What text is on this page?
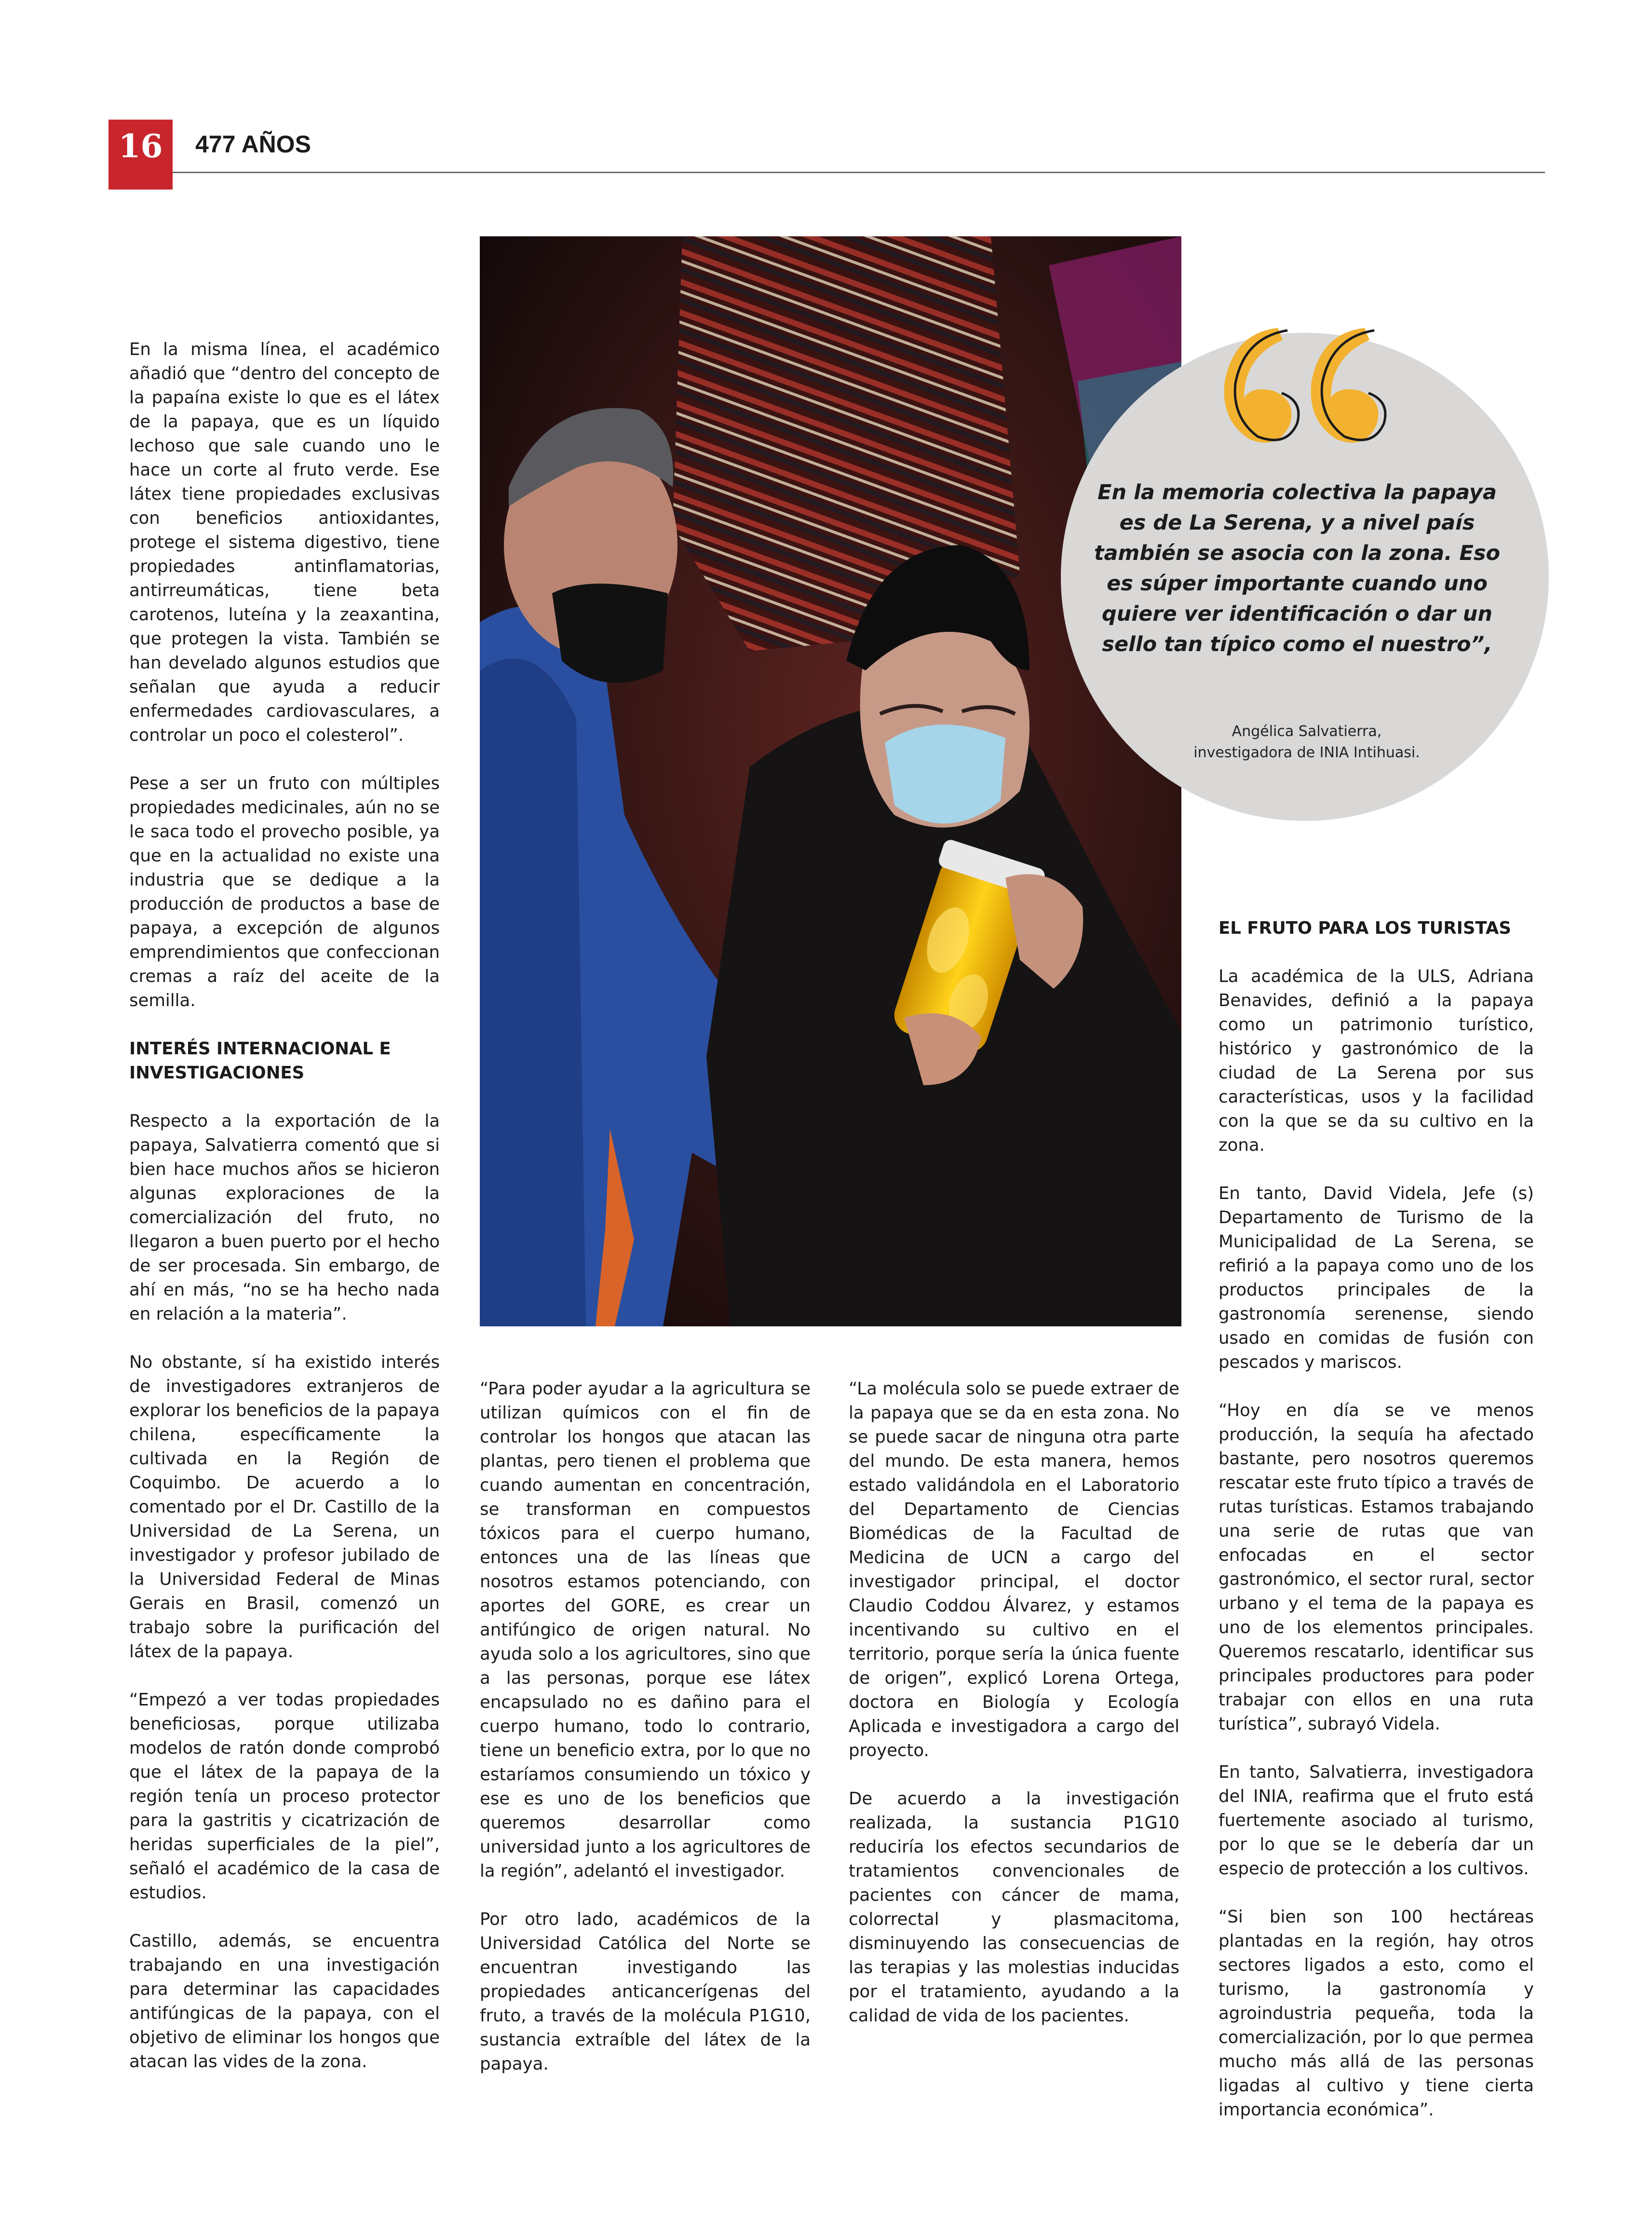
16	477 AÑOS

En la misma línea, el académico añadió que “dentro del concepto de la papaína existe lo que es el látex de la papaya, que es un líquido lechoso que sale cuando uno le hace un corte al fruto verde. Ese látex tiene propiedades exclusivas con beneficios antioxidantes, protege el sistema digestivo, tiene propiedades antinflamatorias, antirreumáticas, tiene beta carotenos, luteína y la zeaxantina, que protegen la vista. También se han develado algunos estudios que señalan que ayuda a reducir enfermedades cardiovasculares, a controlar un poco el colesterol”.

Pese a ser un fruto con múltiples propiedades medicinales, aún no se le saca todo el provecho posible, ya que en la actualidad no existe una industria que se dedique a la producción de productos a base de papaya, a excepción de algunos emprendimientos que confeccionan cremas a raíz del aceite de la semilla.

INTERÉS INTERNACIONAL E INVESTIGACIONES

Respecto a la exportación de la papaya, Salvatierra comentó que si bien hace muchos años se hicieron algunas exploraciones de la comercialización del fruto, no llegaron a buen puerto por el hecho de ser procesada. Sin embargo, de ahí en más, “no se ha hecho nada en relación a la materia”.

No obstante, sí ha existido interés de investigadores extranjeros de explorar los beneficios de la papaya chilena, específicamente la cultivada en la Región de Coquimbo. De acuerdo a lo comentado por el Dr. Castillo de la Universidad de La Serena, un investigador y profesor jubilado de la Universidad Federal de Minas Gerais en Brasil, comenzó un trabajo sobre la purificación del látex de la papaya.

“Empezó a ver todas propiedades beneficiosas, porque utilizaba modelos de ratón donde comprobó que el látex de la papaya de la región tenía un proceso protector para la gastritis y cicatrización de heridas superficiales de la piel”, señaló el académico de la casa de estudios.

Castillo, además, se encuentra trabajando en una investigación para determinar las capacidades antifúngicas de la papaya, con el objetivo de eliminar los hongos que atacan las vides de la zona.

En la memoria colectiva la papaya es de La Serena, y a nivel país también se asocia con la zona. Eso es súper importante cuando uno quiere ver identificación o dar un sello tan típico como el nuestro”,
Angélica Salvatierra,
investigadora de INIA Intihuasi.

“Para poder ayudar a la agricultura se utilizan químicos con el fin de controlar los hongos que atacan las plantas, pero tienen el problema que cuando aumentan en concentración, se transforman en compuestos tóxicos para el cuerpo humano, entonces una de las líneas que nosotros estamos potenciando, con aportes del GORE, es crear un antifúngico de origen natural. No ayuda solo a los agricultores, sino que a las personas, porque ese látex encapsulado no es dañino para el cuerpo humano, todo lo contrario, tiene un beneficio extra, por lo que no estaríamos consumiendo un tóxico y ese es uno de los beneficios que queremos desarrollar como universidad junto a los agricultores de la región”, adelantó el investigador.

Por otro lado, académicos de la Universidad Católica del Norte se encuentran investigando las propiedades anticancerígenas del fruto, a través de la molécula P1G10, sustancia extraíble del látex de la papaya.

“La molécula solo se puede extraer de la papaya que se da en esta zona. No se puede sacar de ninguna otra parte del mundo. De esta manera, hemos estado validándola en el Laboratorio del Departamento de Ciencias Biomédicas de la Facultad de Medicina de UCN a cargo del investigador principal, el doctor Claudio Coddou Álvarez, y estamos incentivando su cultivo en el territorio, porque sería la única fuente de origen”, explicó Lorena Ortega, doctora en Biología y Ecología Aplicada e investigadora a cargo del proyecto.

De acuerdo a la investigación realizada, la sustancia P1G10 reduciría los efectos secundarios de tratamientos convencionales de pacientes con cáncer de mama, colorrectal y plasmacitoma, disminuyendo las consecuencias de las terapias y las molestias inducidas por el tratamiento, ayudando a la calidad de vida de los pacientes.

EL FRUTO PARA LOS TURISTAS

La académica de la ULS, Adriana Benavides, definió a la papaya como un patrimonio turístico, histórico y gastronómico de la ciudad de La Serena por sus características, usos y la facilidad con la que se da su cultivo en la zona.

En tanto, David Videla, Jefe (s) Departamento de Turismo de la Municipalidad de La Serena, se refirió a la papaya como uno de los productos principales de la gastronomía serenense, siendo usado en comidas de fusión con pescados y mariscos.

“Hoy en día se ve menos producción, la sequía ha afectado bastante, pero nosotros queremos rescatar este fruto típico a través de rutas turísticas. Estamos trabajando una serie de rutas que van enfocadas en el sector gastronómico, el sector rural, sector urbano y el tema de la papaya es uno de los elementos principales. Queremos rescatarlo, identificar sus principales productores para poder trabajar con ellos en una ruta turística”, subrayó Videla.

En tanto, Salvatierra, investigadora del INIA, reafirma que el fruto está fuertemente asociado al turismo, por lo que se le debería dar un especio de protección a los cultivos.

“Si bien son 100 hectáreas plantadas en la región, hay otros sectores ligados a esto, como el turismo, la gastronomía y agroindustria pequeña, toda la comercialización, por lo que permea mucho más allá de las personas ligadas al cultivo y tiene cierta importancia económica”.
